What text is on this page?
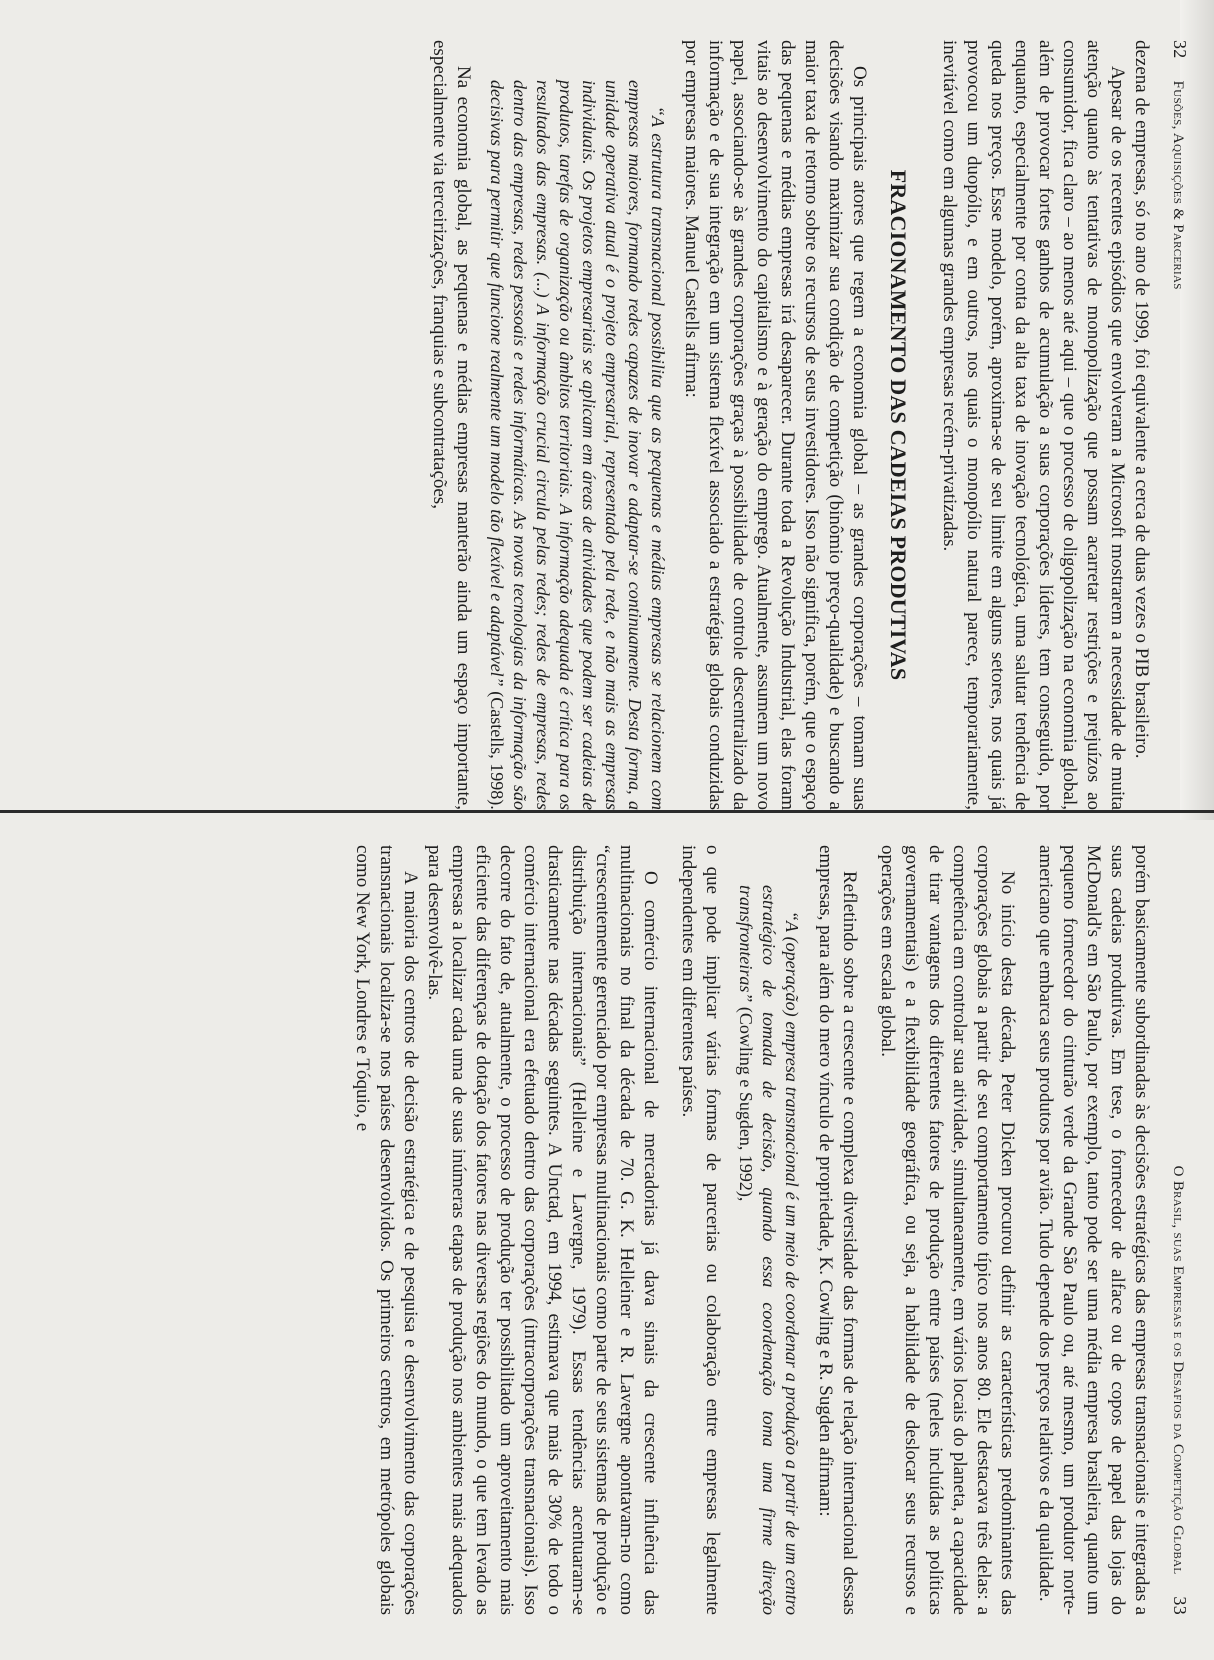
32
Fusões, Aquisições & Parcerias

dezena de empresas, só no ano de 1999, foi equivalente a cerca de duas vezes o PIB brasileiro.

Apesar de os recentes episódios que envolveram a Microsoft mostrarem a necessidade de muita atenção quanto às tentativas de monopolização que possam acarretar restrições e prejuízos ao consumidor, fica claro – ao menos até aqui – que o processo de oligopolização na economia global, além de provocar fortes ganhos de acumulação a suas corporações líderes, tem conseguido, por enquanto, especialmente por conta da alta taxa de inovação tecnológica, uma salutar tendência de queda nos preços. Esse modelo, porém, aproxima-se de seu limite em alguns setores, nos quais já provocou um duopólio, e em outros, nos quais o monopólio natural parece, temporariamente, inevitável como em algumas grandes empresas recém-privatizadas.

FRACIONAMENTO DAS CADEIAS PRODUTIVAS

Os principais atores que regem a economia global – as grandes corporações – tomam suas decisões visando maximizar sua condição de competição (binômio preço-qualidade) e buscando a maior taxa de retorno sobre os recursos de seus investidores. Isso não significa, porém, que o espaço das pequenas e médias empresas irá desaparecer. Durante toda a Revolução Industrial, elas foram vitais ao desenvolvimento do capitalismo e à geração do emprego. Atualmente, assumem um novo papel, associando-se às grandes corporações graças à possibilidade de controle descentralizado da informação e de sua integração em um sistema flexível associado a estratégias globais conduzidas por empresas maiores. Manuel Castells afirma:

“A estrutura transnacional possibilita que as pequenas e médias empresas se relacionem com empresas maiores, formando redes capazes de inovar e adaptar-se continuamente. Desta forma, a unidade operativa atual é o projeto empresarial, representado pela rede, e não mais as empresas individuais. Os projetos empresariais se aplicam em áreas de atividades que podem ser cadeias de produtos, tarefas de organização ou âmbitos territoriais. A informação adequada é crítica para os resultados das empresas. (...) A informação crucial circula pelas redes; redes de empresas, redes dentro das empresas, redes pessoais e redes informáticas. As novas tecnologias da informação são decisivas para permitir que funcione realmente um modelo tão flexível e adaptável” (Castells, 1998).

Na economia global, as pequenas e médias empresas manterão ainda um espaço importante, especialmente via terceirizações, franquias e subcontratações,

O Brasil, suas Empresas e os Desafios da Competição Global
33

porém basicamente subordinadas às decisões estratégicas das empresas transnacionais e integradas a suas cadeias produtivas. Em tese, o fornecedor de alface ou de copos de papel das lojas do McDonald's em São Paulo, por exemplo, tanto pode ser uma média empresa brasileira, quanto um pequeno fornecedor do cinturão verde da Grande São Paulo ou, até mesmo, um produtor norte-americano que embarca seus produtos por avião. Tudo depende dos preços relativos e da qualidade.

No início desta década, Peter Dicken procurou definir as características predominantes das corporações globais a partir de seu comportamento típico nos anos 80. Ele destacava três delas: a competência em controlar sua atividade, simultaneamente, em vários locais do planeta, a capacidade de tirar vantagens dos diferentes fatores de produção entre países (neles incluídas as políticas governamentais) e a flexibilidade geográfica, ou seja, a habilidade de deslocar seus recursos e operações em escala global.

Refletindo sobre a crescente e complexa diversidade das formas de relação internacional dessas empresas, para além do mero vínculo de propriedade, K. Cowling e R. Sugden afirmam:

“A (operação) empresa transnacional é um meio de coordenar a produção a partir de um centro estratégico de tomada de decisão, quando essa coordenação toma uma firme direção transfronteiras” (Cowling e Sugden, 1992),

o que pode implicar várias formas de parcerias ou colaboração entre empresas legalmente independentes em diferentes países.

O comércio internacional de mercadorias já dava sinais da crescente influência das multinacionais no final da década de 70. G. K. Helleiner e R. Lavergne apontavam-no como “crescentemente gerenciado por empresas multinacionais como parte de seus sistemas de produção e distribuição internacionais” (Helleine e Lavergne, 1979). Essas tendências acentuaram-se drasticamente nas décadas seguintes. A Unctad, em 1994, estimava que mais de 30% de todo o comércio internacional era efetuado dentro das corporações (intracorporações transnacionais). Isso decorre do fato de, atualmente, o processo de produção ter possibilitado um aproveitamento mais eficiente das diferenças de dotação dos fatores nas diversas regiões do mundo, o que tem levado as empresas a localizar cada uma de suas inúmeras etapas de produção nos ambientes mais adequados para desenvolvê-las.

A maioria dos centros de decisão estratégica e de pesquisa e desenvolvimento das corporações transnacionais localiza-se nos países desenvolvidos. Os primeiros centros, em metrópoles globais como New York, Londres e Tóquio, e
